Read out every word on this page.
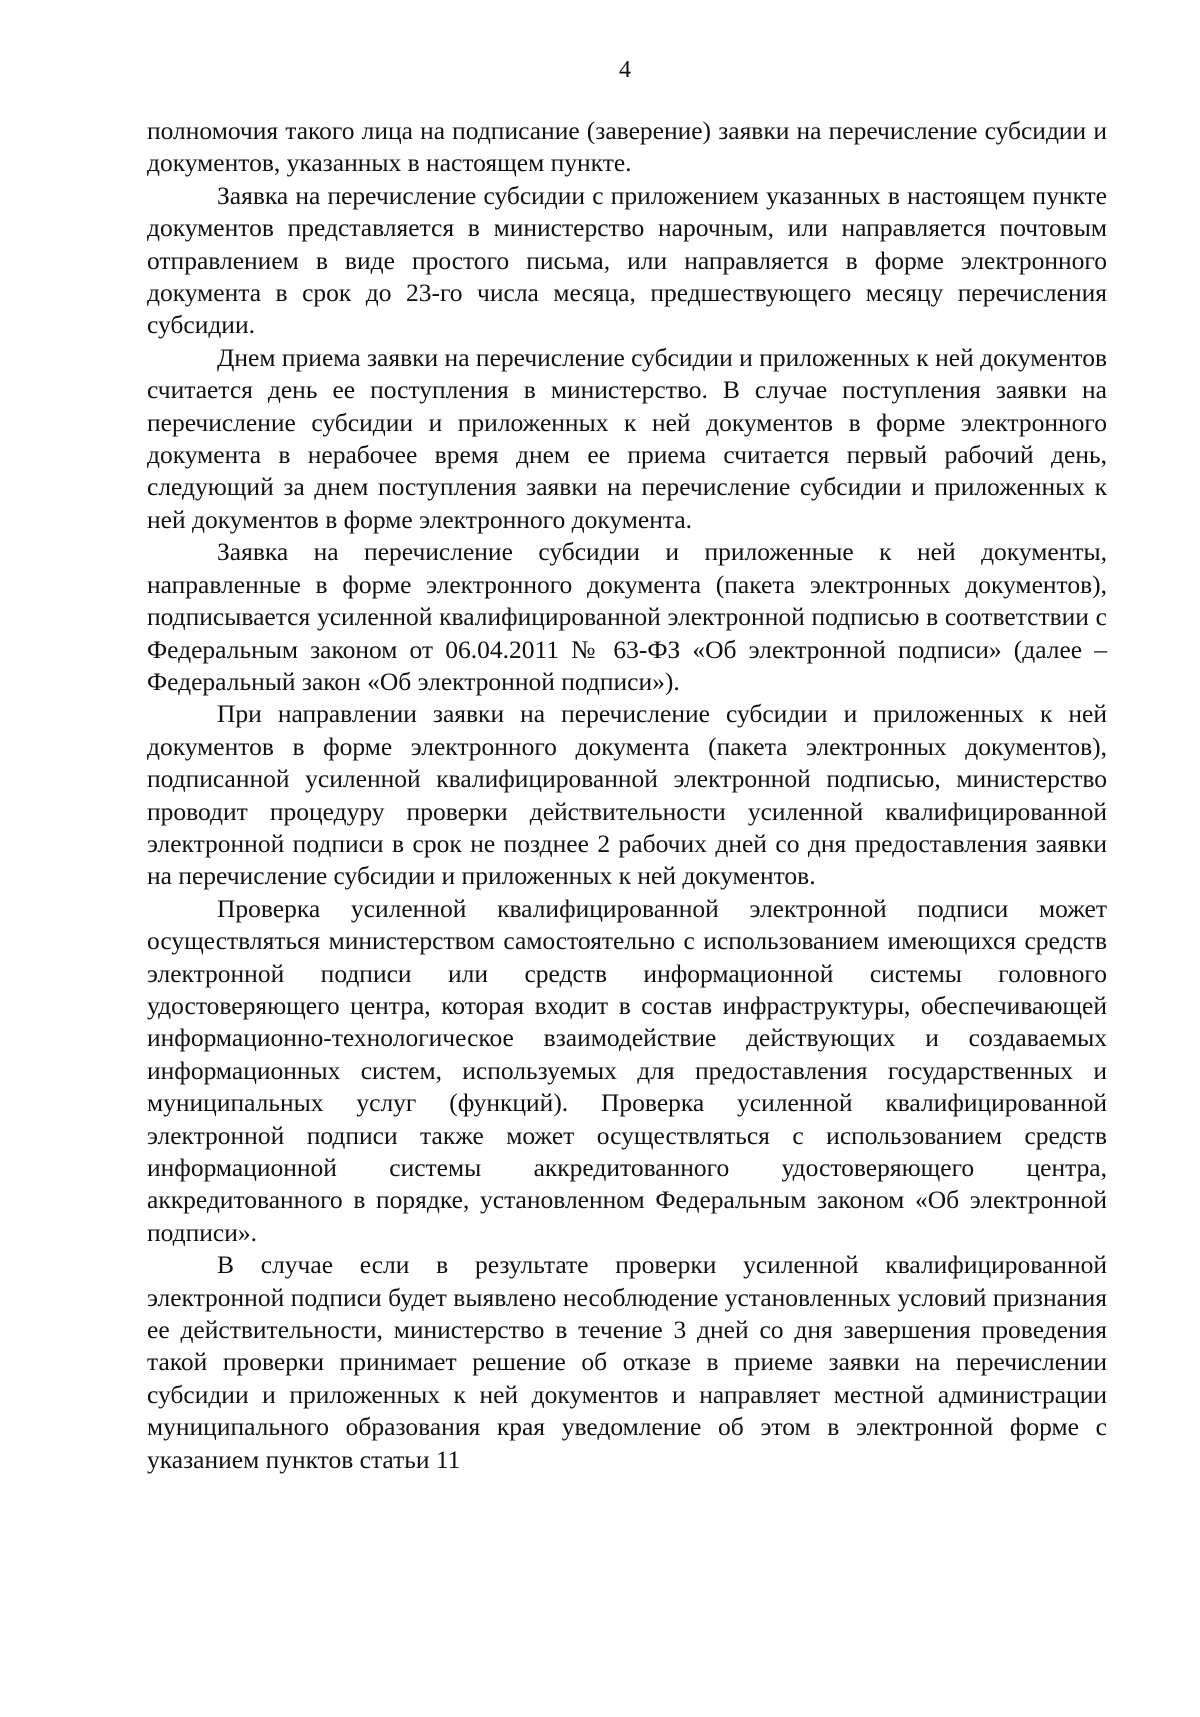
4

полномочия такого лица на подписание (заверение) заявки на перечисление субсидии и документов, указанных в настоящем пункте.

Заявка на перечисление субсидии с приложением указанных в настоящем пункте документов представляется в министерство нарочным, или направляется почтовым отправлением в виде простого письма, или направляется в форме электронного документа в срок до 23-го числа месяца, предшествующего месяцу перечисления субсидии.

Днем приема заявки на перечисление субсидии и приложенных к ней документов считается день ее поступления в министерство. В случае поступления заявки на перечисление субсидии и приложенных к ней документов в форме электронного документа в нерабочее время днем ее приема считается первый рабочий день, следующий за днем поступления заявки на перечисление субсидии и приложенных к ней документов в форме электронного документа.

Заявка на перечисление субсидии и приложенные к ней документы, направленные в форме электронного документа (пакета электронных документов), подписывается усиленной квалифицированной электронной подписью в соответствии с Федеральным законом от 06.04.2011 № 63-ФЗ «Об электронной подписи» (далее – Федеральный закон «Об электронной подписи»).

При направлении заявки на перечисление субсидии и приложенных к ней документов в форме электронного документа (пакета электронных документов), подписанной усиленной квалифицированной электронной подписью, министерство проводит процедуру проверки действительности усиленной квалифицированной электронной подписи в срок не позднее 2 рабочих дней со дня предоставления заявки на перечисление субсидии и приложенных к ней документов.

Проверка усиленной квалифицированной электронной подписи может осуществляться министерством самостоятельно с использованием имеющихся средств электронной подписи или средств информационной системы головного удостоверяющего центра, которая входит в состав инфраструктуры, обеспечивающей информационно-технологическое взаимодействие действующих и создаваемых информационных систем, используемых для предоставления государственных и муниципальных услуг (функций). Проверка усиленной квалифицированной электронной подписи также может осуществляться с использованием средств информационной системы аккредитованного удостоверяющего центра, аккредитованного в порядке, установленном Федеральным законом «Об электронной подписи».

В случае если в результате проверки усиленной квалифицированной электронной подписи будет выявлено несоблюдение установленных условий признания ее действительности, министерство в течение 3 дней со дня завершения проведения такой проверки принимает решение об отказе в приеме заявки на перечислении субсидии и приложенных к ней документов и направляет местной администрации муниципального образования края уведомление об этом в электронной форме с указанием пунктов статьи 11
